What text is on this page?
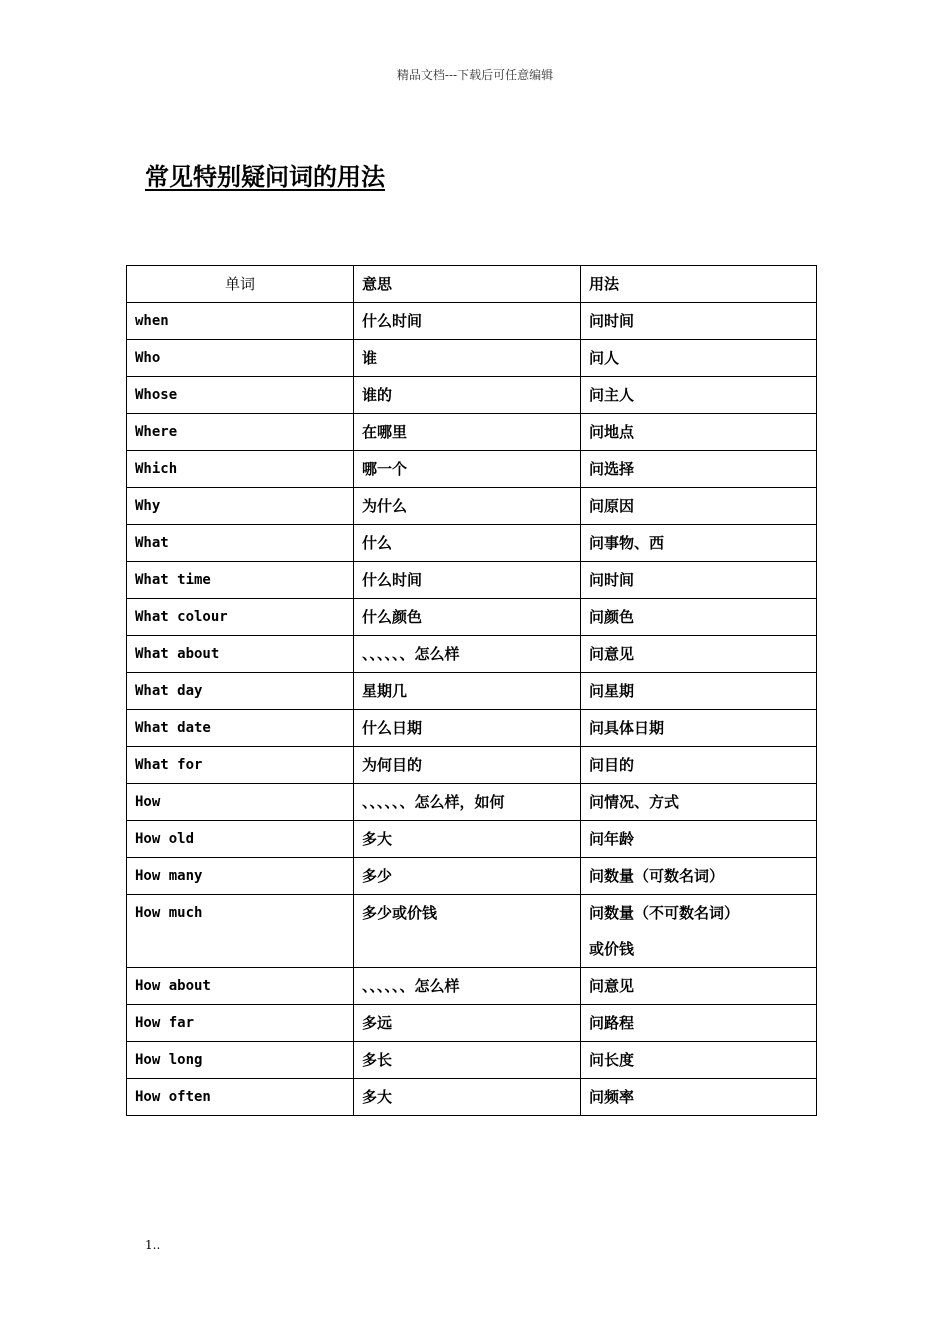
精品文档---下载后可任意编辑
常见特别疑问词的用法
单词	意思	用法
when	什么时间	问时间

Who	谁	问人

Whose	谁的	问主人

Where	在哪里	问地点

Which	哪一个	问选择

Why	为什么	问原因

What	什么	问事物、西

What time	什么时间	问时间

What colour	什么颜色	问颜色

What about	、、、、、、怎么样	问意见

What day	星期几	问星期

What date	什么日期	问具体日期

What for	为何目的	问目的

How	、、、、、、怎么样，如何	问情况、方式

How old	多大	问年龄

How many	多少	问数量（可数名词）

How much	多少或价钱	问数量（不可数名词）
或价钱

How about	、、、、、、怎么样	问意见

How far	多远	问路程

How long	多长	问长度

How often	多大	问频率
1..
